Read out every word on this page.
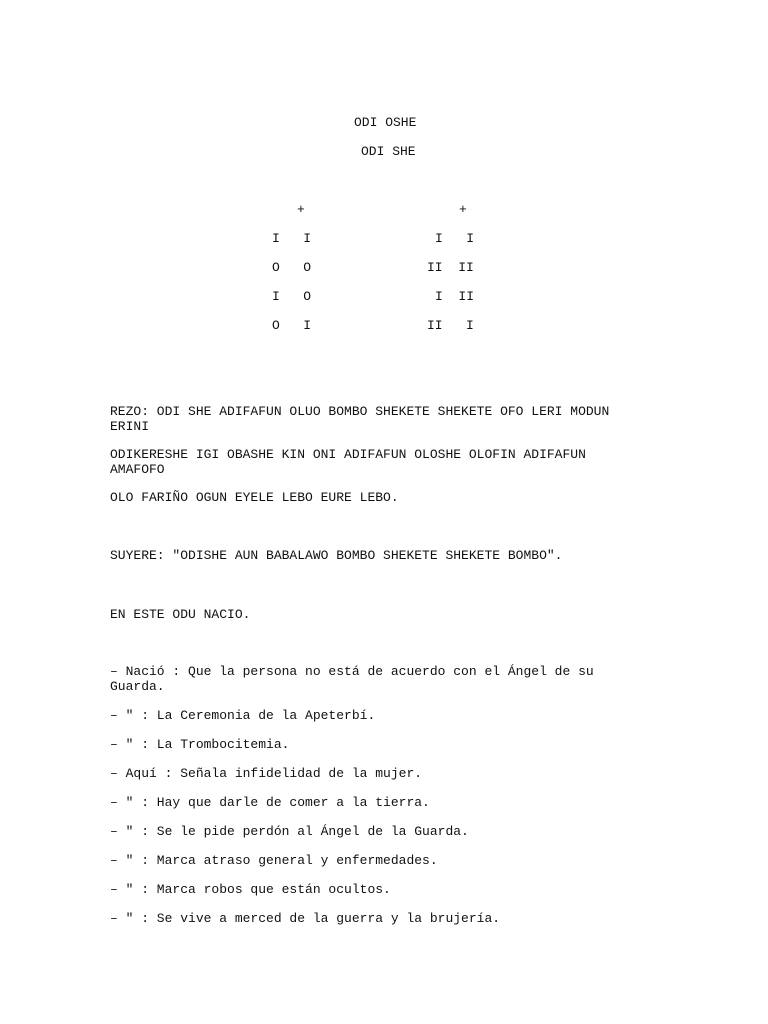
ODI OSHE
ODI SHE
+
I   I
O   O
I   O
O   I
+
I   I
II  II
I  II
II   I
REZO: ODI SHE ADIFAFUN OLUO BOMBO SHEKETE SHEKETE OFO LERI MODUN ERINI
ODIKERESHE IGI OBASHE KIN ONI ADIFAFUN OLOSHE OLOFIN ADIFAFUN AMAFOFO
OLO FARIÑO OGUN EYELE LEBO EURE LEBO.
SUYERE: "ODISHE AUN BABALAWO BOMBO SHEKETE SHEKETE BOMBO".
EN ESTE ODU NACIO.
– Nació : Que la persona no está de acuerdo con el Ángel de su Guarda.
– ″ : La Ceremonia de la Apeterbí.
– ″ : La Trombocitemia.
– Aquí : Señala infidelidad de la mujer.
– ″ : Hay que darle de comer a la tierra.
– ″ : Se le pide perdón al Ángel de la Guarda.
– ″ : Marca atraso general y enfermedades.
– ″ : Marca robos que están ocultos.
– ″ : Se vive a merced de la guerra y la brujería.
